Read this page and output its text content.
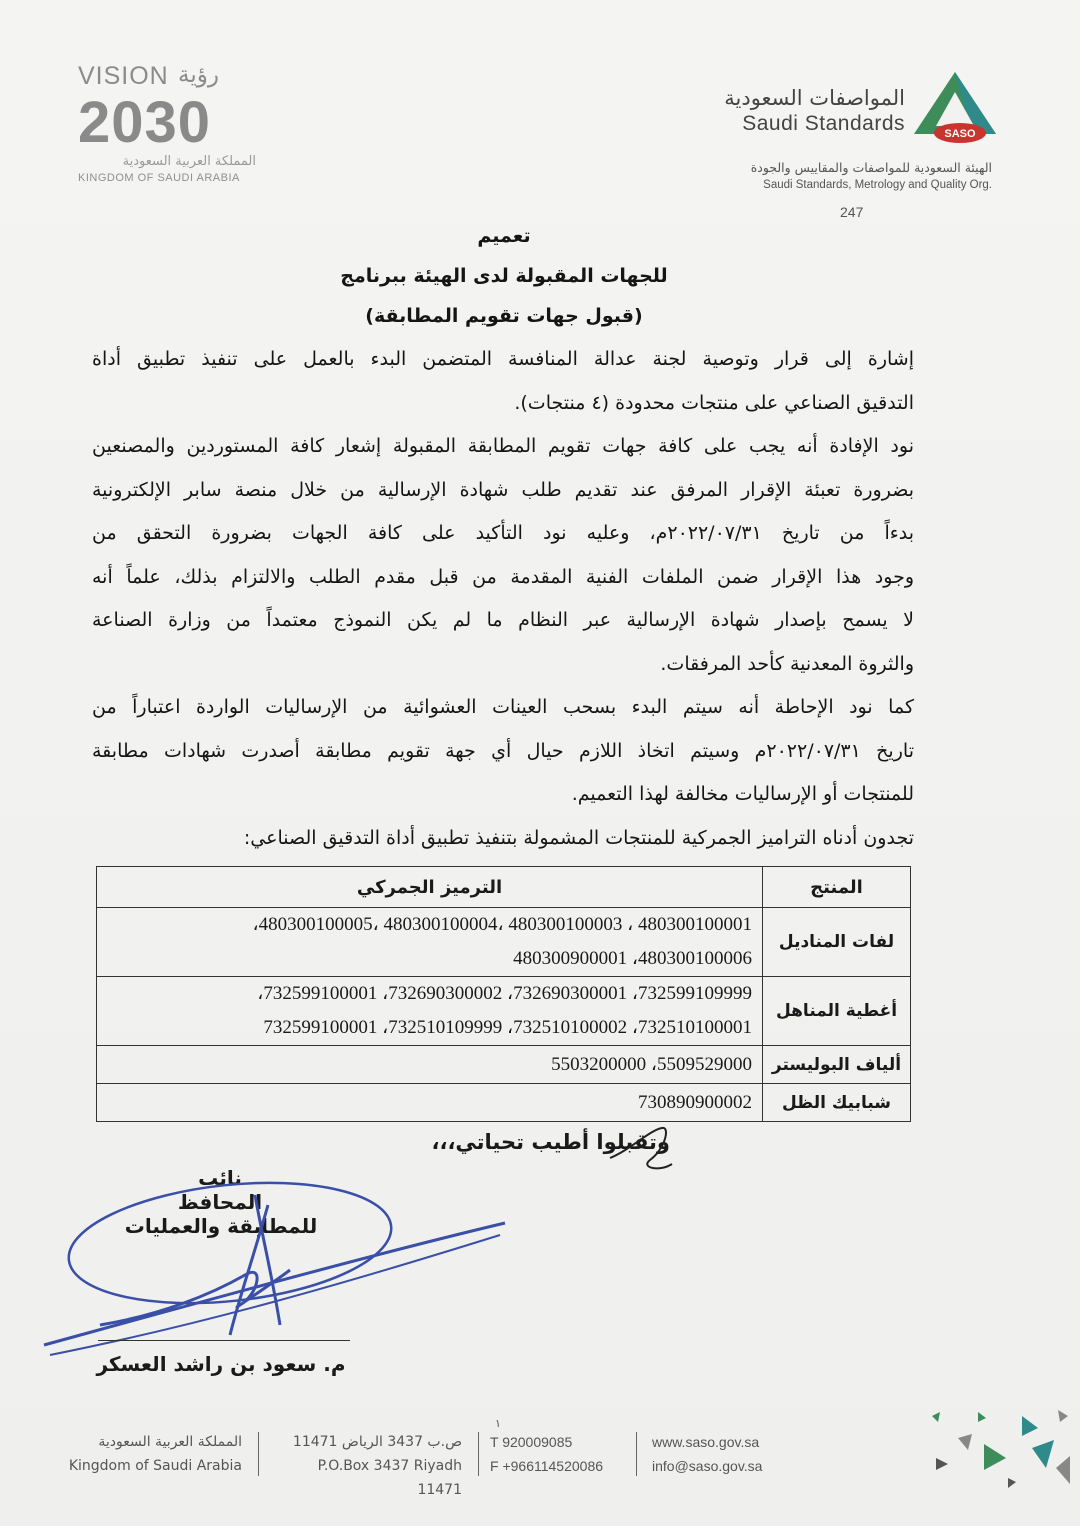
VISION رؤية
2030
المملكة العربية السعودية
KINGDOM OF SAUDI ARABIA
المواصفات السعودية
Saudi Standards	SASO
الهيئة السعودية للمواصفات والمقاييس والجودة
Saudi Standards, Metrology and Quality Org.
247
تعميم
للجهات المقبولة لدى الهيئة ببرنامج
(قبول جهات تقويم المطابقة)

إشارة إلى قرار وتوصية لجنة عدالة المنافسة المتضمن البدء بالعمل على تنفيذ تطبيق أداة

التدقيق الصناعي على منتجات محدودة (٤ منتجات).

نود الإفادة أنه يجب على كافة جهات تقويم المطابقة المقبولة إشعار كافة المستوردين والمصنعين

بضرورة تعبئة الإقرار المرفق عند تقديم طلب شهادة الإرسالية من خلال منصة سابر الإلكترونية

بدءاً من تاريخ ٢٠٢٢/٠٧/٣١م، وعليه نود التأكيد على كافة الجهات بضرورة التحقق من

وجود هذا الإقرار ضمن الملفات الفنية المقدمة من قبل مقدم الطلب والالتزام بذلك، علماً أنه

لا يسمح بإصدار شهادة الإرسالية عبر النظام ما لم يكن النموذج معتمداً من وزارة الصناعة

والثروة المعدنية كأحد المرفقات.

كما نود الإحاطة أنه سيتم البدء بسحب العينات العشوائية من الإرساليات الواردة اعتباراً من

تاريخ ٢٠٢٢/٠٧/٣١م وسيتم اتخاذ اللازم حيال أي جهة تقويم مطابقة أصدرت شهادات مطابقة

للمنتجات أو الإرساليات مخالفة لهذا التعميم.

تجدون أدناه الترامیز الجمرکیة للمنتجات المشمولة بتنفيذ تطبيق أداة التدقيق الصناعي:

المنتج	الترميز الجمركي
لفات المناديل	480300100001 ، 480300100003 ،480300100004 ،480300100005،
480300100006، 480300900001

أغطية المناهل	732599109999، 732690300001، 732690300002، 732599100001،
732510100001، 732510100002، 732510109999، 732599100001

ألياف البوليستر	5509529000، 5503200000

شبابيك الظل	730890900002
وتقبلوا أطيب تحياتي،،،
نائب المحافظ
للمطابقة والعمليات
م. سعود بن راشد العسكر
١
المملكة العربية السعودية
Kingdom of Saudi Arabia
ص.ب 3437 الرياض 11471
P.O.Box 3437 Riyadh 11471
T 920009085
F +966114520086
www.saso.gov.sa
info@saso.gov.sa
